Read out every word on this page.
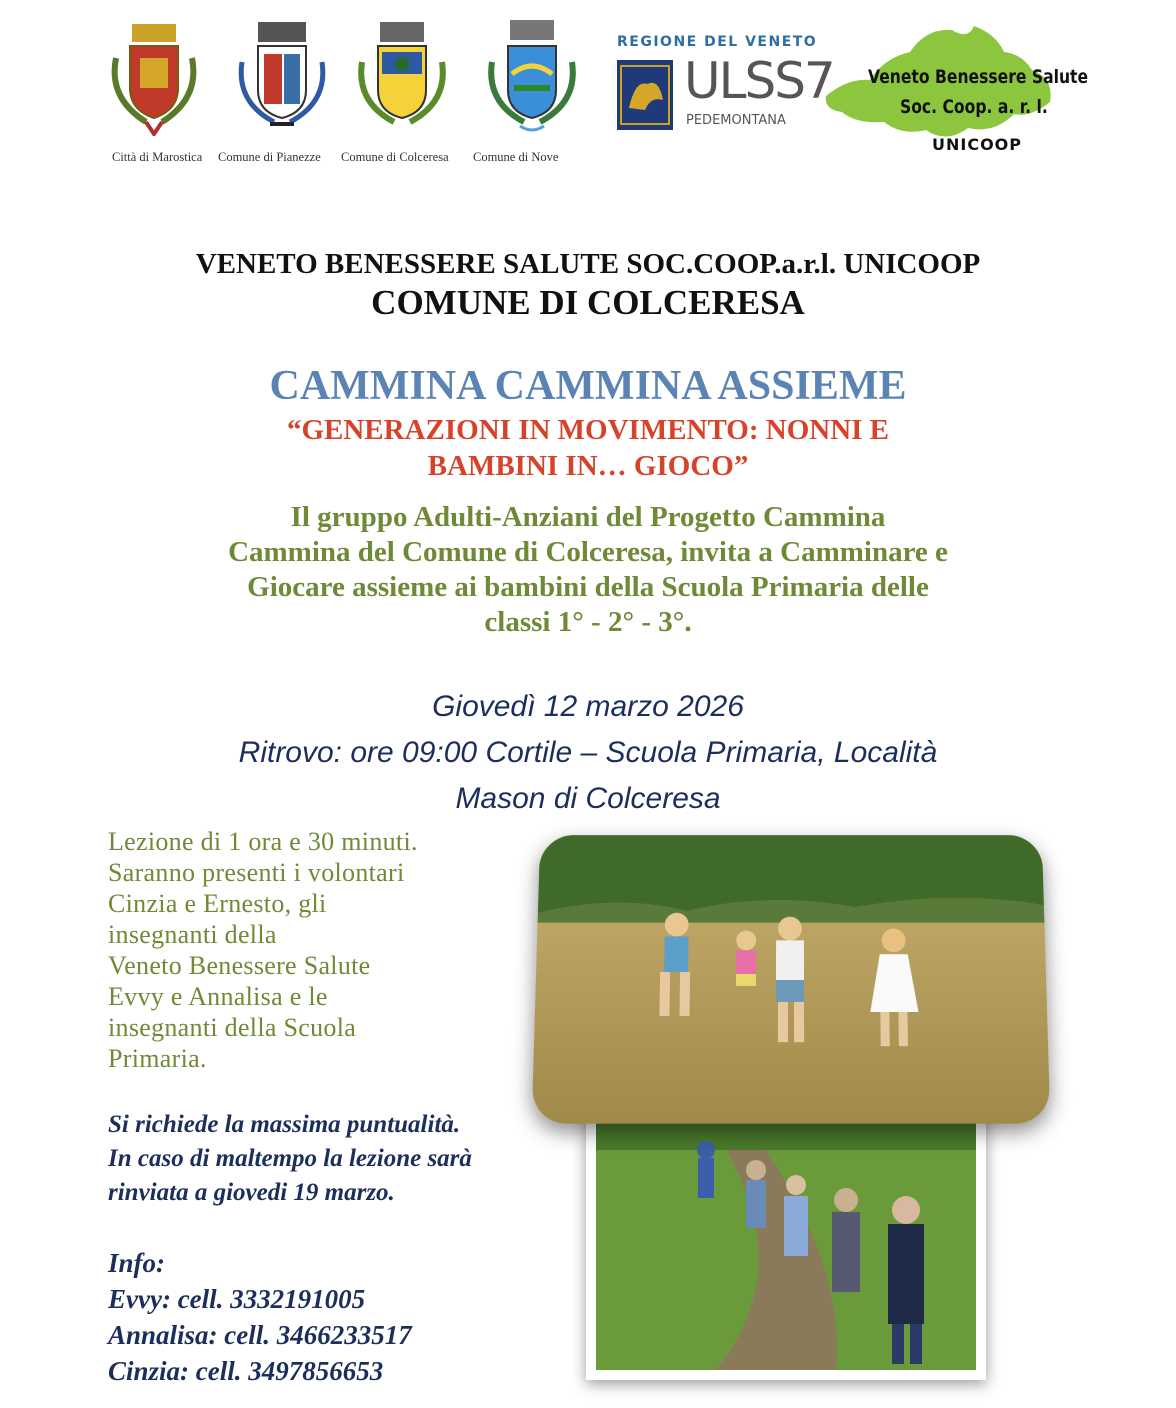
Città di Marostica Comune di Pianezze Comune di Colceresa Comune di Nove
REGIONE DEL VENETO
ULSS7
PEDEMONTANA
Veneto Benessere Salute
Soc. Coop. a. r. l.
UNICOOP
VENETO BENESSERE SALUTE SOC.COOP.a.r.l. UNICOOP
COMUNE DI COLCERESA
CAMMINA CAMMINA ASSIEME
“GENERAZIONI IN MOVIMENTO: NONNI E
BAMBINI IN… GIOCO”
Il gruppo Adulti-Anziani del Progetto Cammina
Cammina del Comune di Colceresa, invita a Camminare e
Giocare assieme ai bambini della Scuola Primaria delle
classi 1° - 2° - 3°.
Giovedì 12 marzo 2026
Ritrovo: ore 09:00 Cortile – Scuola Primaria, Località
Mason di Colceresa
Lezione di 1 ora e 30 minuti.
Saranno presenti i volontari
Cinzia e Ernesto, gli
insegnanti della
Veneto Benessere Salute
Evvy e Annalisa e le
insegnanti della Scuola
Primaria.
Si richiede la massima puntualità.
In caso di maltempo la lezione sarà
rinviata a giovedi 19 marzo.
Info:
Evvy: cell. 3332191005
Annalisa: cell. 3466233517
Cinzia: cell. 3497856653
